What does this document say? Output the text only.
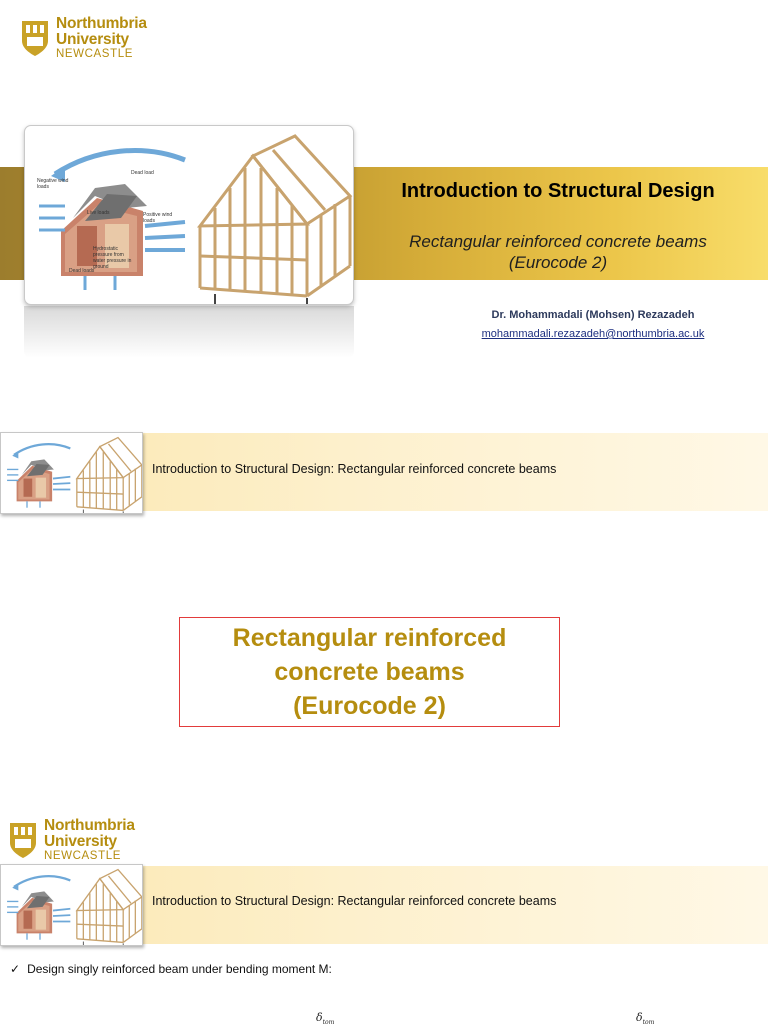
Northumbria
University
NEWCASTLE
Negative wind loads
Dead load
Live loads	Positive wind loads
Hydrostatic pressure from water pressure in ground
Dead loads
Introduction to Structural Design
Rectangular reinforced concrete beams
(Eurocode 2)
Dr. Mohammadali (Mohsen) Rezazadeh
mohammadali.rezazadeh@northumbria.ac.uk
Introduction to Structural Design: Rectangular reinforced concrete beams
Rectangular reinforced
concrete beams
(Eurocode 2)
Northumbria
University
NEWCASTLE
Introduction to Structural Design: Rectangular reinforced concrete beams
✓ Design singly reinforced beam under bending moment M:
$\delta_{tom}$	$\delta_{tom}$
